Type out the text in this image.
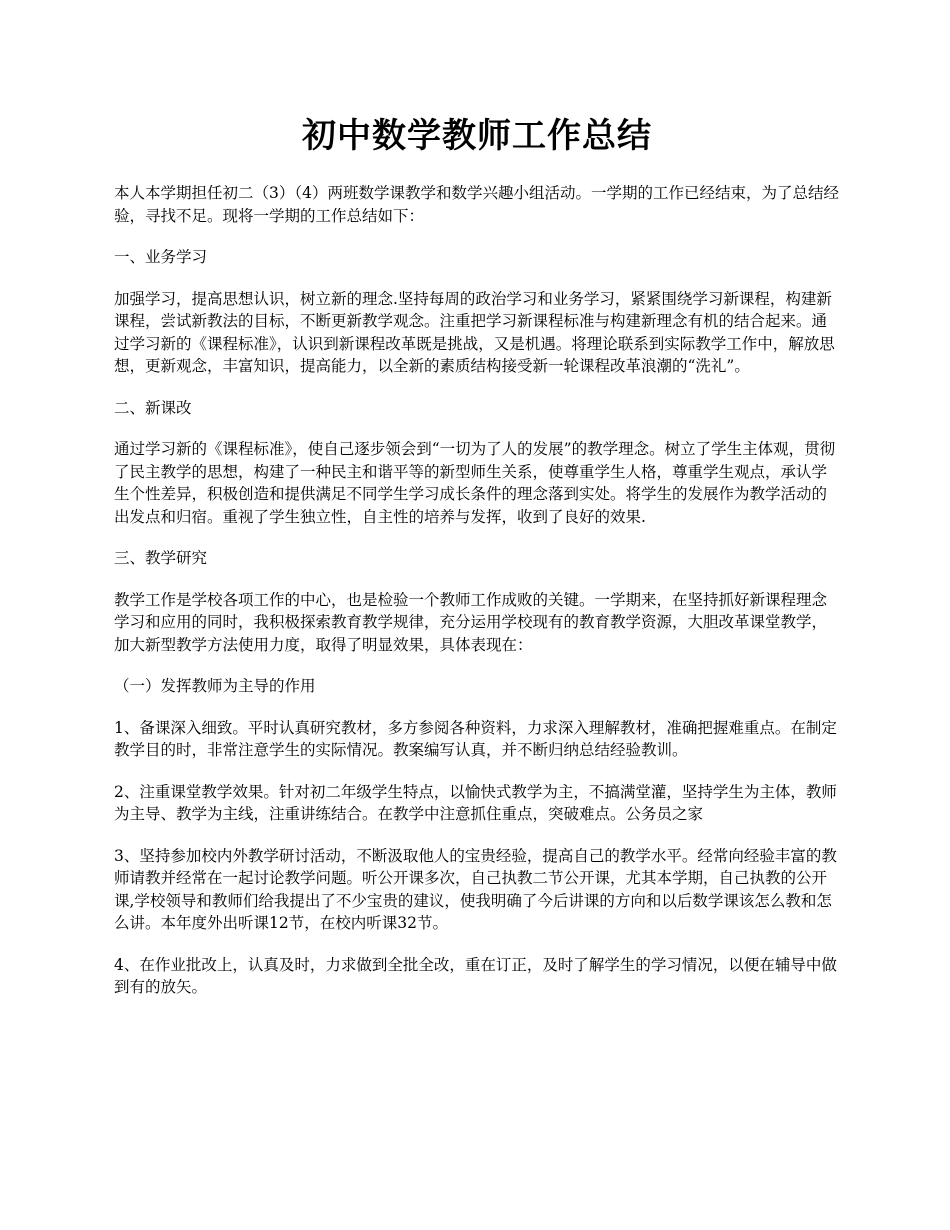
初中数学教师工作总结

本人本学期担任初二（3）（4）两班数学课教学和数学兴趣小组活动。一学期的工作已经结束，为了总结经验，寻找不足。现将一学期的工作总结如下：

一、业务学习

加强学习，提高思想认识，树立新的理念.坚持每周的政治学习和业务学习，紧紧围绕学习新课程，构建新课程，尝试新教法的目标，不断更新教学观念。注重把学习新课程标准与构建新理念有机的结合起来。通过学习新的《课程标准》，认识到新课程改革既是挑战，又是机遇。将理论联系到实际教学工作中，解放思想，更新观念，丰富知识，提高能力，以全新的素质结构接受新一轮课程改革浪潮的“洗礼”。

二、新课改

通过学习新的《课程标准》，使自己逐步领会到“一切为了人的发展”的教学理念。树立了学生主体观，贯彻了民主教学的思想，构建了一种民主和谐平等的新型师生关系，使尊重学生人格，尊重学生观点，承认学生个性差异，积极创造和提供满足不同学生学习成长条件的理念落到实处。将学生的发展作为教学活动的出发点和归宿。重视了学生独立性，自主性的培养与发挥，收到了良好的效果.

三、教学研究

教学工作是学校各项工作的中心，也是检验一个教师工作成败的关键。一学期来，在坚持抓好新课程理念学习和应用的同时，我积极探索教育教学规律，充分运用学校现有的教育教学资源，大胆改革课堂教学，加大新型教学方法使用力度，取得了明显效果，具体表现在：

（一）发挥教师为主导的作用

1、备课深入细致。平时认真研究教材，多方参阅各种资料，力求深入理解教材，准确把握难重点。在制定教学目的时，非常注意学生的实际情况。教案编写认真，并不断归纳总结经验教训。

2、注重课堂教学效果。针对初二年级学生特点，以愉快式教学为主，不搞满堂灌，坚持学生为主体，教师为主导、教学为主线，注重讲练结合。在教学中注意抓住重点，突破难点。公务员之家

3、坚持参加校内外教学研讨活动，不断汲取他人的宝贵经验，提高自己的教学水平。经常向经验丰富的教师请教并经常在一起讨论教学问题。听公开课多次，自己执教二节公开课，尤其本学期，自己执教的公开课,学校领导和教师们给我提出了不少宝贵的建议，使我明确了今后讲课的方向和以后数学课该怎么教和怎么讲。本年度外出听课12节，在校内听课32节。

4、在作业批改上，认真及时，力求做到全批全改，重在订正，及时了解学生的学习情况，以便在辅导中做到有的放矢。
